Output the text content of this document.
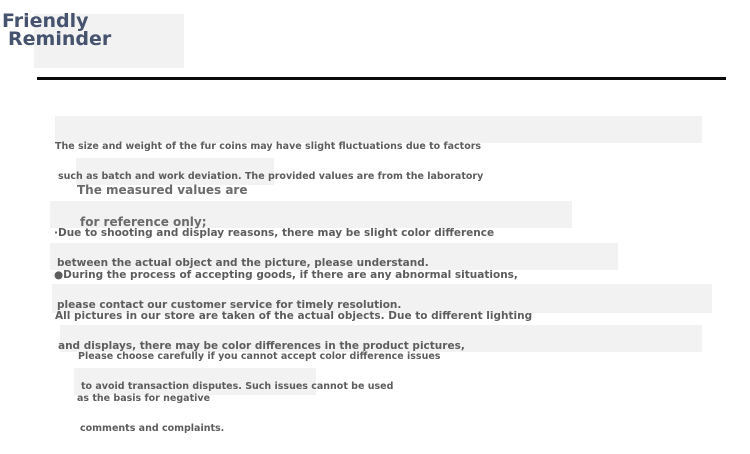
Friendly
Reminder

The size and weight of the fur coins may have slight fluctuations due to factors

such as batch and work deviation. The provided values are from the laboratory

The measured values are

for reference only;

·Due to shooting and display reasons, there may be slight color difference

between the actual object and the picture, please understand.

●During the process of accepting goods, if there are any abnormal situations,

please contact our customer service for timely resolution.

All pictures in our store are taken of the actual objects. Due to different lighting

and displays, there may be color differences in the product pictures,

Please choose carefully if you cannot accept color difference issues

to avoid transaction disputes. Such issues cannot be used

as the basis for negative

comments and complaints.
